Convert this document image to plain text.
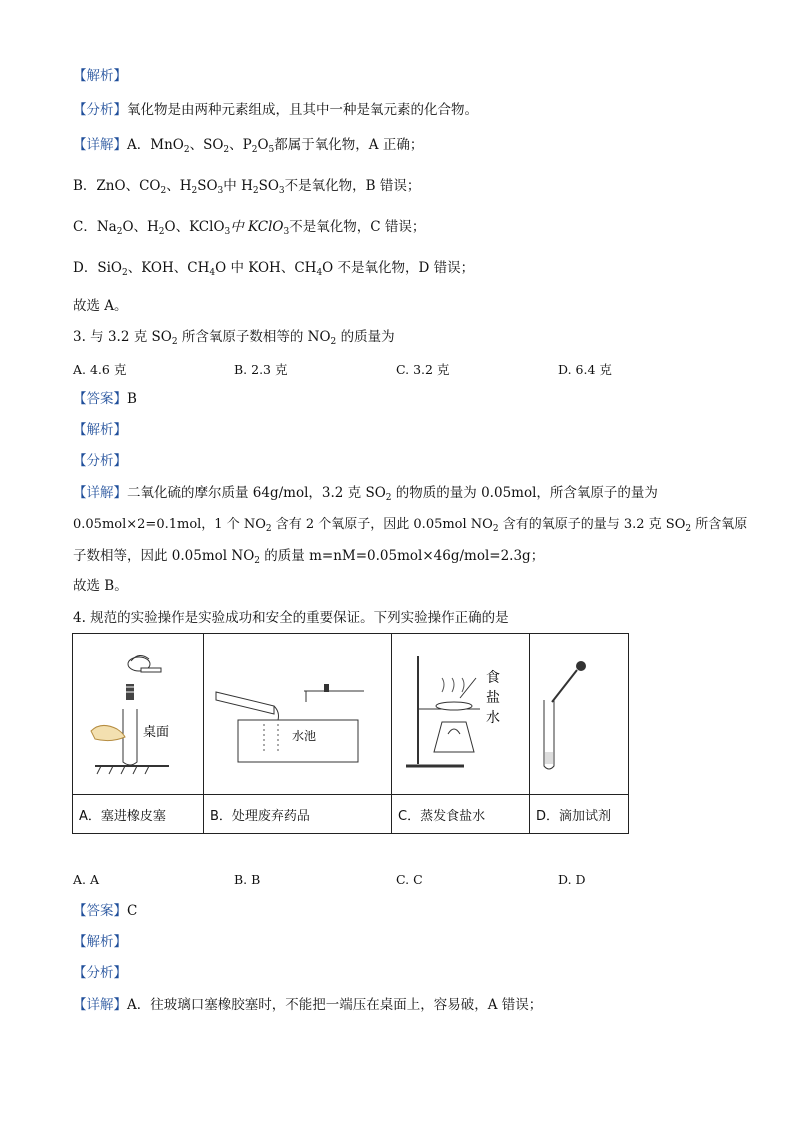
【解析】
【分析】氧化物是由两种元素组成，且其中一种是氧元素的化合物。
【详解】A．MnO$_2$、$SO_2$、$P_2O_5$都属于氧化物，A 正确；
B．ZnO、$CO_2$、$H_2SO_3$中 $H_2SO_3$不是氧化物，B 错误；
C．$Na_2O$、$H_2O$、KClO$_3$中 KClO$_3$不是氧化物，C 错误；
D．SiO$_2$、KOH、$CH_4O$ 中 KOH、$CH_4O$ 不是氧化物，D 错误；
故选 A。
3. 与 3.2 克 $SO_2$ 所含氧原子数相等的 $NO_2$ 的质量为
A. 4.6 克	B. 2.3 克	C. 3.2 克	D. 6.4 克
【答案】B
【解析】
【分析】
【详解】二氧化硫的摩尔质量 64g/mol，3.2 克 $SO_2$ 的物质的量为 0.05mol，所含氧原子的量为
0.05mol×2=0.1mol，1 个 $NO_2$ 含有 2 个氧原子，因此 0.05mol $NO_2$ 含有的氧原子的量与 3.2 克 $SO_2$ 所含氧原
子数相等，因此 0.05mol $NO_2$ 的质量 m=nM=0.05mol×46g/mol=2.3g；
故选 B。
4. 规范的实验操作是实验成功和安全的重要保证。下列实验操作正确的是
桌面	水池	食
盐
水

A．塞进橡皮塞	B．处理废弃药品	C．蒸发食盐水	D．滴加试剂
A. A	B. B	C. C	D. D
【答案】C
【解析】
【分析】
【详解】A．往玻璃口塞橡胶塞时，不能把一端压在桌面上，容易破，A 错误；
